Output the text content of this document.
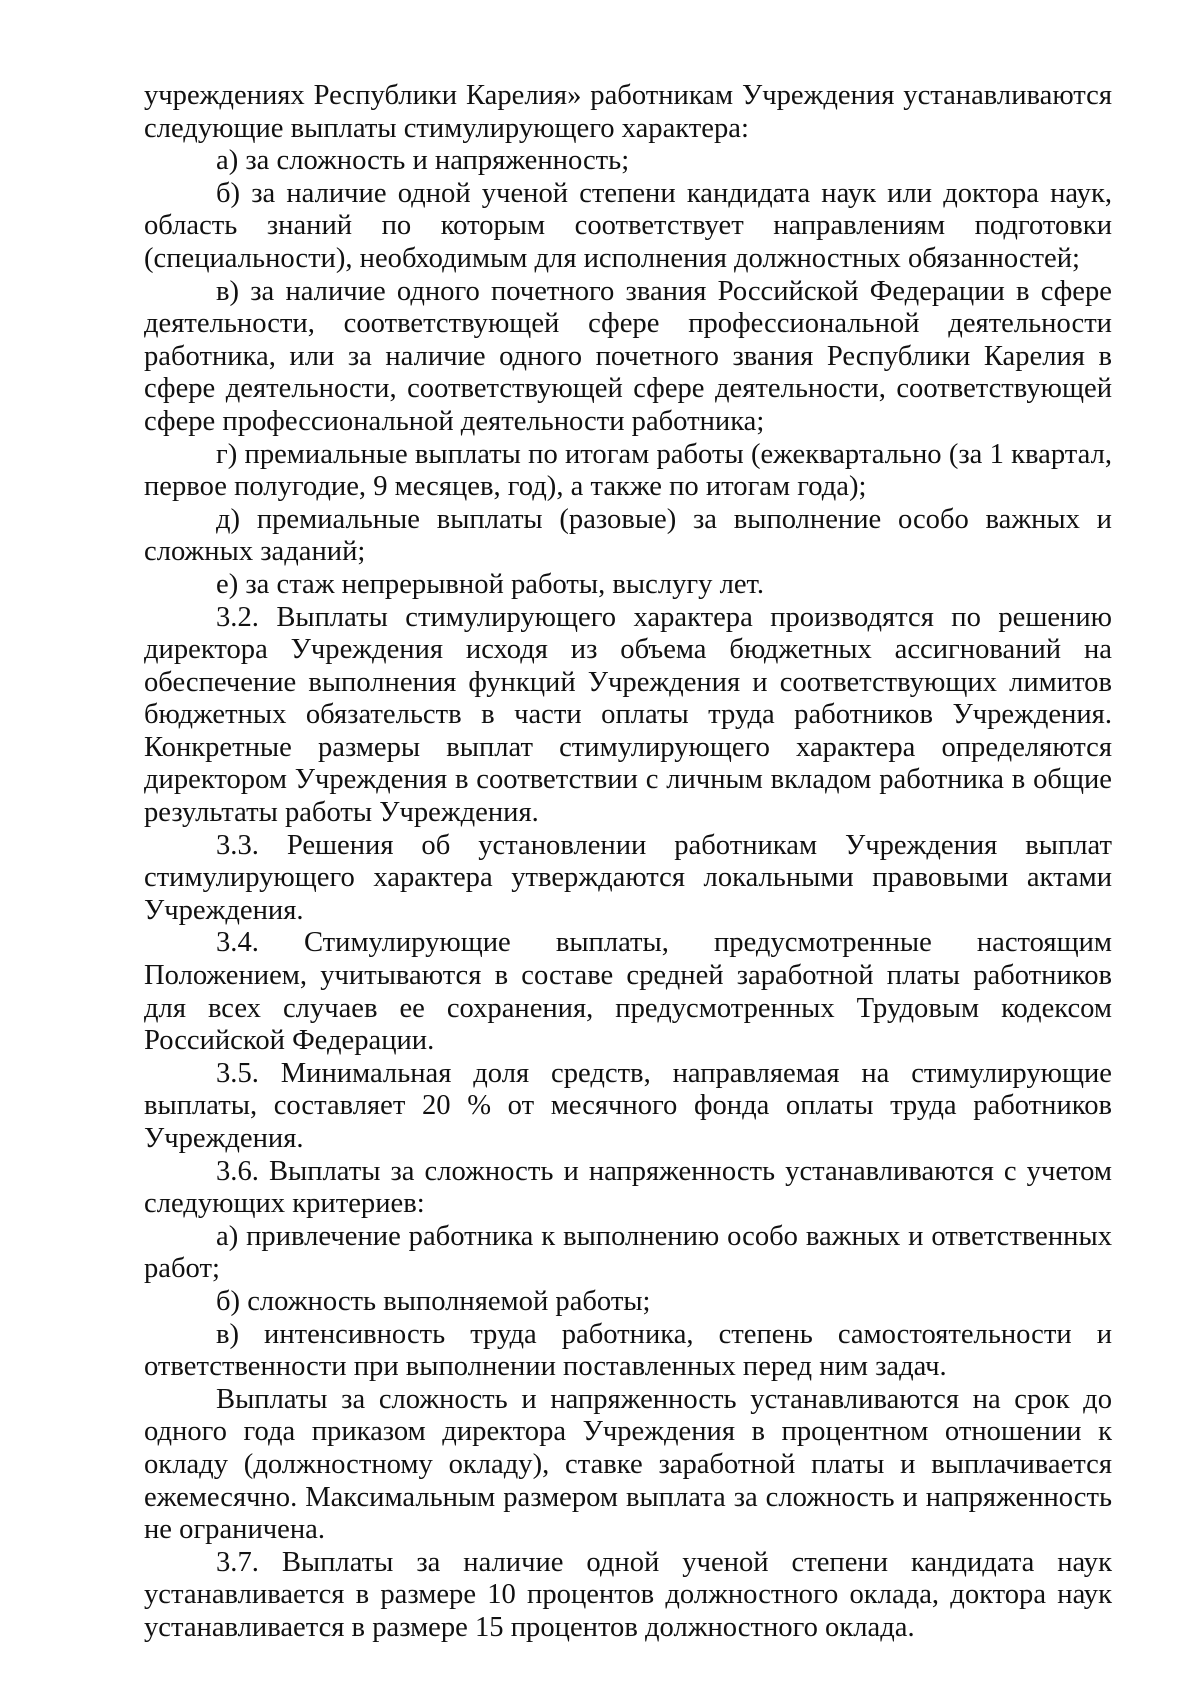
учреждениях Республики Карелия» работникам Учреждения устанавливаются следующие выплаты стимулирующего характера:

а) за сложность и напряженность;

б) за наличие одной ученой степени кандидата наук или доктора наук, область знаний по которым соответствует направлениям подготовки (специальности), необходимым для исполнения должностных обязанностей;

в) за наличие одного почетного звания Российской Федерации в сфере деятельности, соответствующей сфере профессиональной деятельности работника, или за наличие одного почетного звания Республики Карелия в сфере деятельности, соответствующей сфере деятельности, соответствующей сфере профессиональной деятельности работника;

г) премиальные выплаты по итогам работы (ежеквартально (за 1 квартал, первое полугодие, 9 месяцев, год), а также по итогам года);

д) премиальные выплаты (разовые) за выполнение особо важных и сложных заданий;

е) за стаж непрерывной работы, выслугу лет.

3.2. Выплаты стимулирующего характера производятся по решению директора Учреждения исходя из объема бюджетных ассигнований на обеспечение выполнения функций Учреждения и соответствующих лимитов бюджетных обязательств в части оплаты труда работников Учреждения. Конкретные размеры выплат стимулирующего характера определяются директором Учреждения в соответствии с личным вкладом работника в общие результаты работы Учреждения.

3.3. Решения об установлении работникам Учреждения выплат стимулирующего характера утверждаются локальными правовыми актами Учреждения.

3.4. Стимулирующие выплаты, предусмотренные настоящим Положением, учитываются в составе средней заработной платы работников для всех случаев ее сохранения, предусмотренных Трудовым кодексом Российской Федерации.

3.5. Минимальная доля средств, направляемая на стимулирующие выплаты, составляет 20 % от месячного фонда оплаты труда работников Учреждения.

3.6. Выплаты за сложность и напряженность устанавливаются с учетом следующих критериев:

а) привлечение работника к выполнению особо важных и ответственных работ;

б) сложность выполняемой работы;

в) интенсивность труда работника, степень самостоятельности и ответственности при выполнении поставленных перед ним задач.

Выплаты за сложность и напряженность устанавливаются на срок до одного года приказом директора Учреждения в процентном отношении к окладу (должностному окладу), ставке заработной платы и выплачивается ежемесячно. Максимальным размером выплата за сложность и напряженность не ограничена.

3.7. Выплаты за наличие одной ученой степени кандидата наук устанавливается в размере 10 процентов должностного оклада, доктора наук устанавливается в размере 15 процентов должностного оклада.
